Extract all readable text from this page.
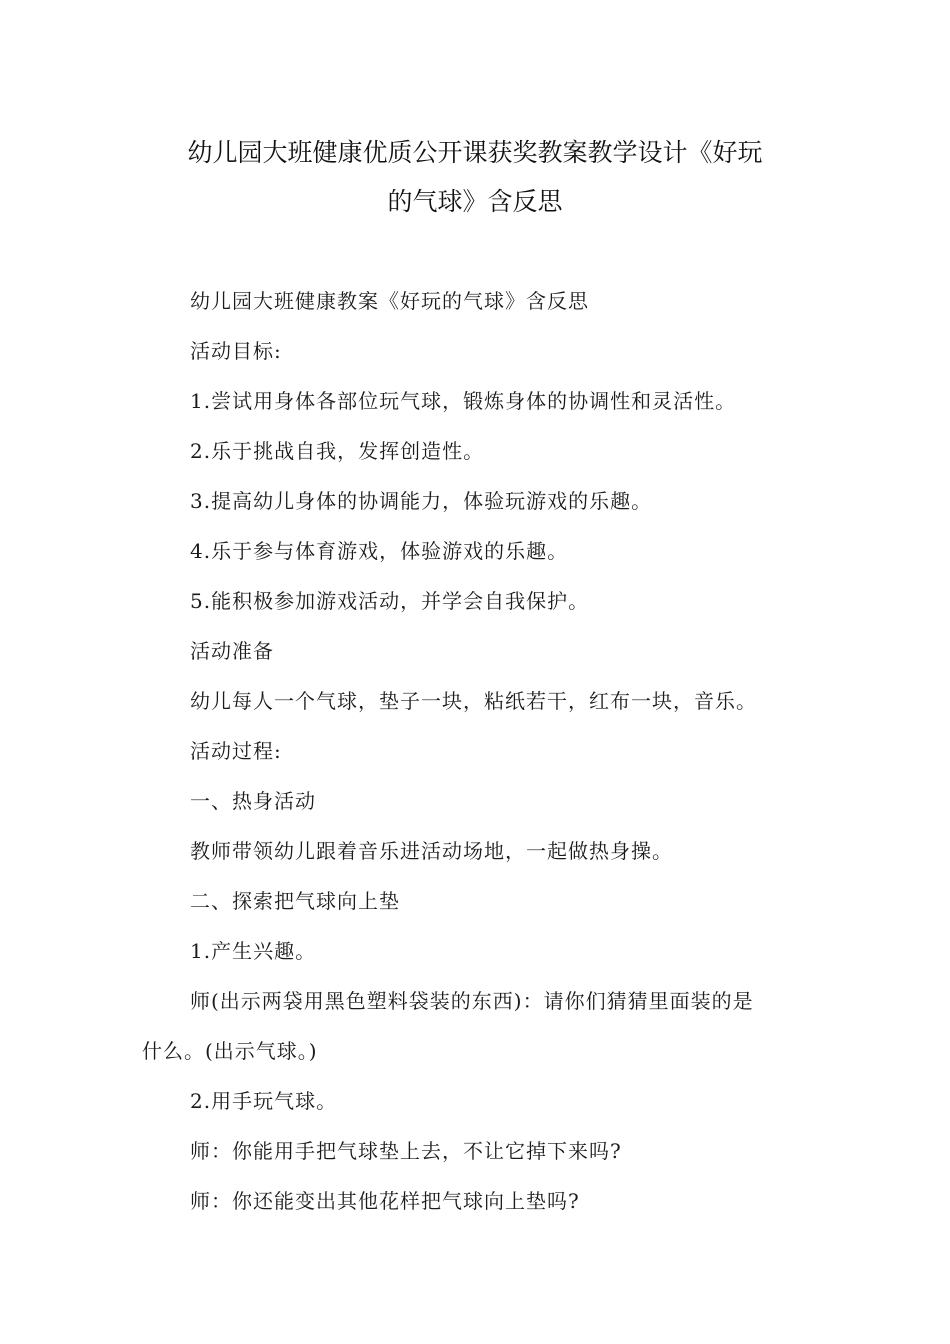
幼儿园大班健康优质公开课获奖教案教学设计《好玩
的气球》含反思
幼儿园大班健康教案《好玩的气球》含反思
活动目标:
1.尝试用身体各部位玩气球，锻炼身体的协调性和灵活性。
2.乐于挑战自我，发挥创造性。
3.提高幼儿身体的协调能力，体验玩游戏的乐趣。
4.乐于参与体育游戏，体验游戏的乐趣。
5.能积极参加游戏活动，并学会自我保护。
活动准备
幼儿每人一个气球，垫子一块，粘纸若干，红布一块，音乐。
活动过程:
一、热身活动
教师带领幼儿跟着音乐进活动场地，一起做热身操。
二、探索把气球向上垫
1.产生兴趣。
师(出示两袋用黑色塑料袋装的东西)：请你们猜猜里面装的是
什么。(出示气球。)
2.用手玩气球。
师：你能用手把气球垫上去，不让它掉下来吗?
师：你还能变出其他花样把气球向上垫吗?
